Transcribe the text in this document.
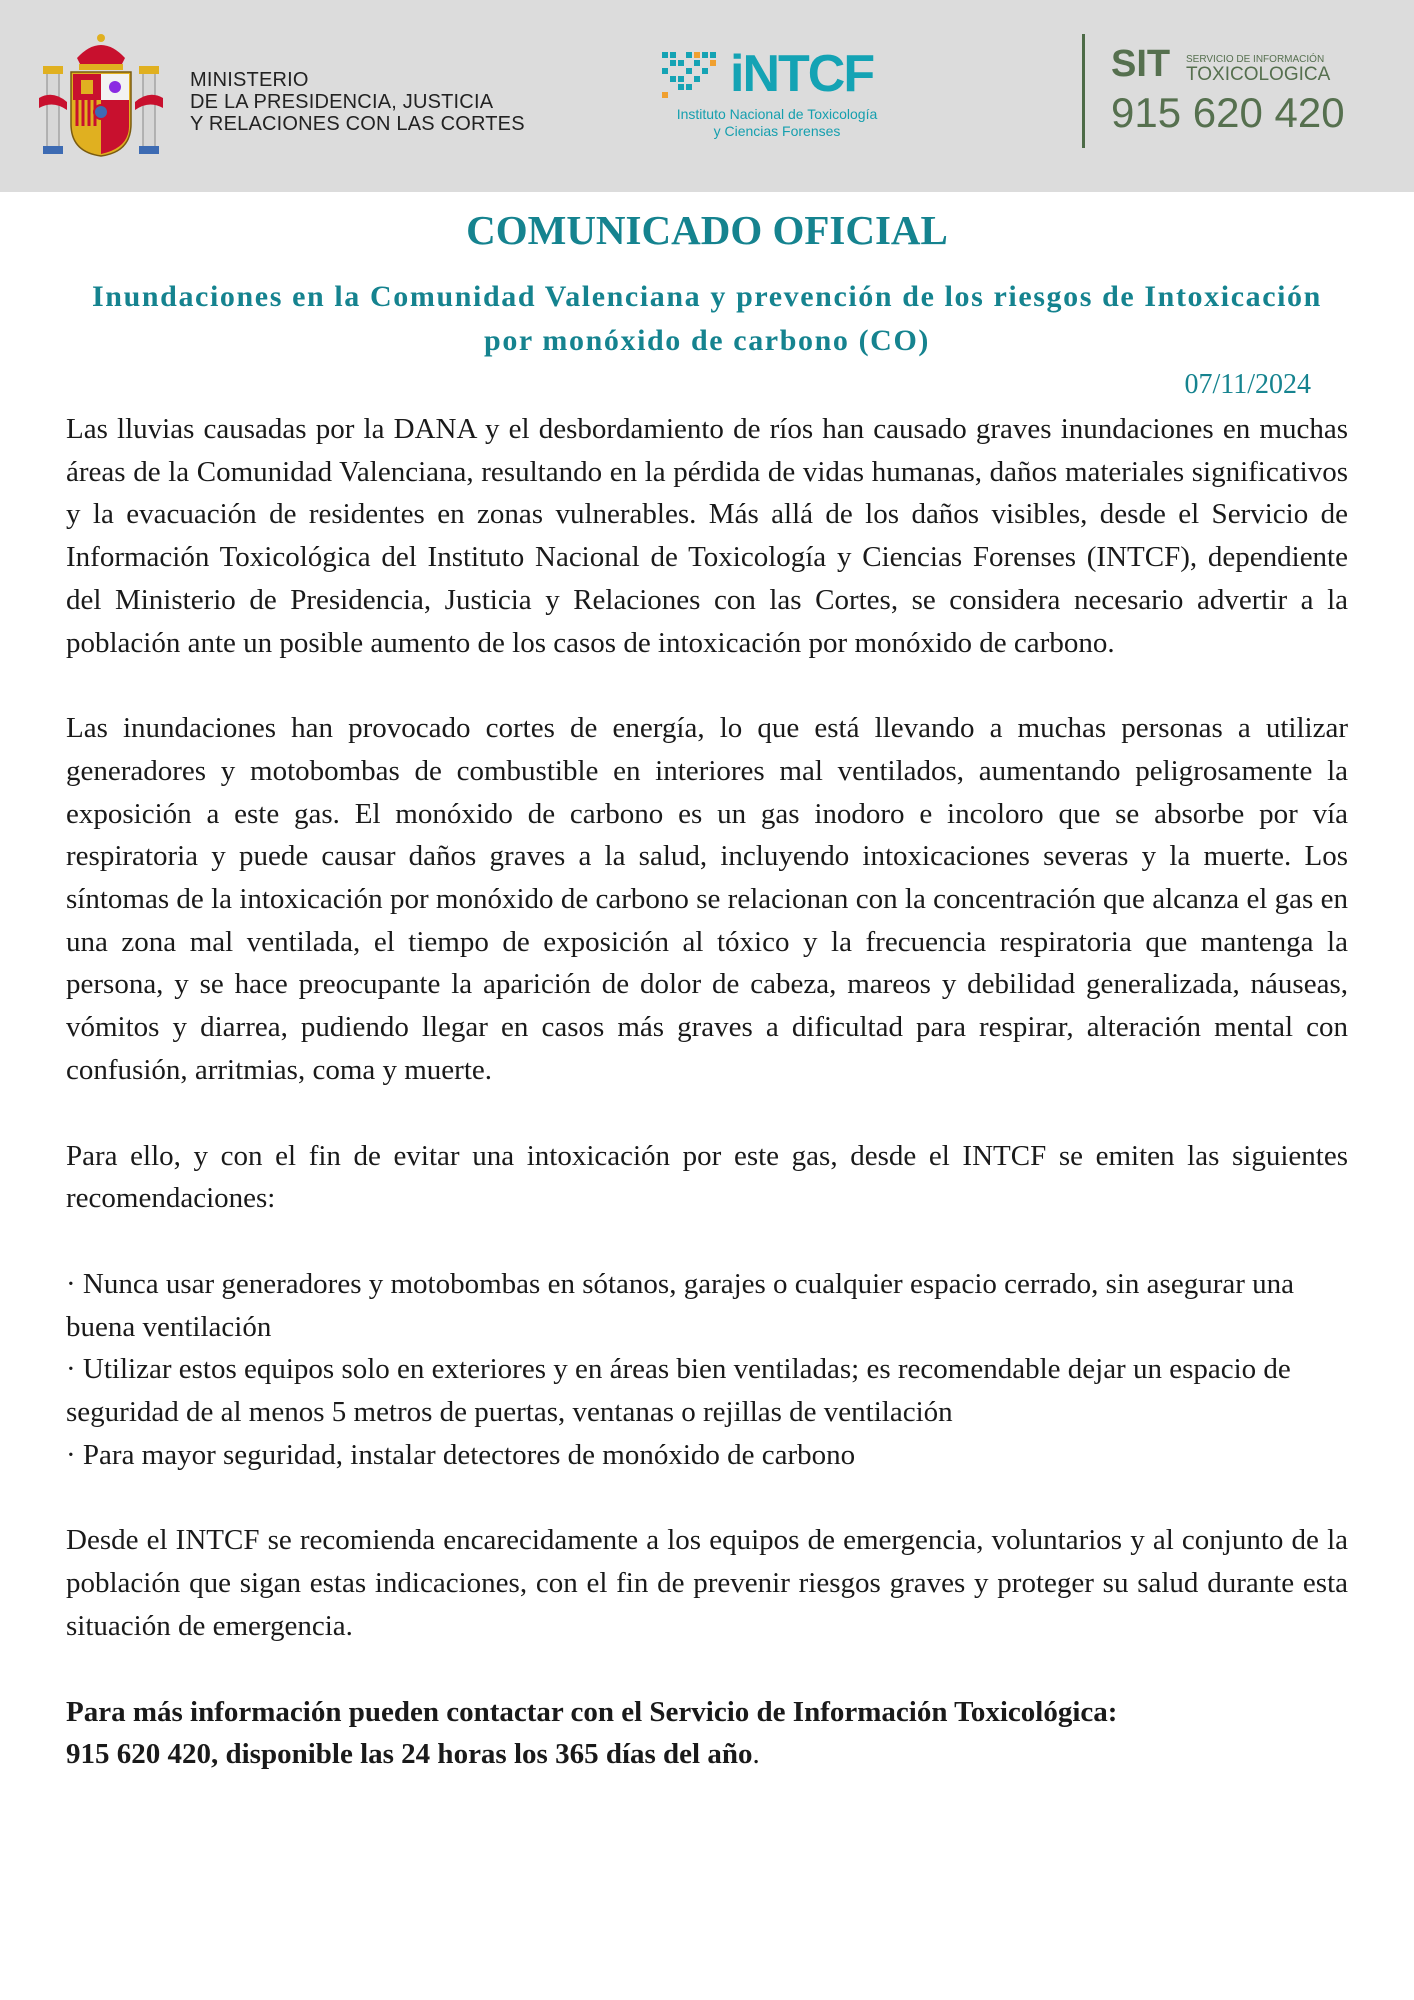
MINISTERIO
DE LA PRESIDENCIA, JUSTICIA
Y RELACIONES CON LAS CORTES
iNTCF
Instituto Nacional de Toxicología
y Ciencias Forenses
SIT SERVICIO DE INFORMACIÓN
TOXICOLOGICA
915 620 420
COMUNICADO OFICIAL
Inundaciones en la Comunidad Valenciana y prevención de los riesgos de Intoxicación por monóxido de carbono (CO)
07/11/2024

Las lluvias causadas por la DANA y el desbordamiento de ríos han causado graves inundaciones en muchas áreas de la Comunidad Valenciana, resultando en la pérdida de vidas humanas, daños materiales significativos y la evacuación de residentes en zonas vulnerables. Más allá de los daños visibles, desde el Servicio de Información Toxicológica del Instituto Nacional de Toxicología y Ciencias Forenses (INTCF), dependiente del Ministerio de Presidencia, Justicia y Relaciones con las Cortes, se considera necesario advertir a la población ante un posible aumento de los casos de intoxicación por monóxido de carbono.

Las inundaciones han provocado cortes de energía, lo que está llevando a muchas personas a utilizar generadores y motobombas de combustible en interiores mal ventilados, aumentando peligrosamente la exposición a este gas. El monóxido de carbono es un gas inodoro e incoloro que se absorbe por vía respiratoria y puede causar daños graves a la salud, incluyendo intoxicaciones severas y la muerte. Los síntomas de la intoxicación por monóxido de carbono se relacionan con la concentración que alcanza el gas en una zona mal ventilada, el tiempo de exposición al tóxico y la frecuencia respiratoria que mantenga la persona, y se hace preocupante la aparición de dolor de cabeza, mareos y debilidad generalizada, náuseas, vómitos y diarrea, pudiendo llegar en casos más graves a dificultad para respirar, alteración mental con confusión, arritmias, coma y muerte.

Para ello, y con el fin de evitar una intoxicación por este gas, desde el INTCF se emiten las siguientes recomendaciones:

· Nunca usar generadores y motobombas en sótanos, garajes o cualquier espacio cerrado, sin asegurar una buena ventilación

· Utilizar estos equipos solo en exteriores y en áreas bien ventiladas; es recomendable dejar un espacio de seguridad de al menos 5 metros de puertas, ventanas o rejillas de ventilación

· Para mayor seguridad, instalar detectores de monóxido de carbono

Desde el INTCF se recomienda encarecidamente a los equipos de emergencia, voluntarios y al conjunto de la población que sigan estas indicaciones, con el fin de prevenir riesgos graves y proteger su salud durante esta situación de emergencia.

Para más información pueden contactar con el Servicio de Información Toxicológica:

915 620 420, disponible las 24 horas los 365 días del año.
